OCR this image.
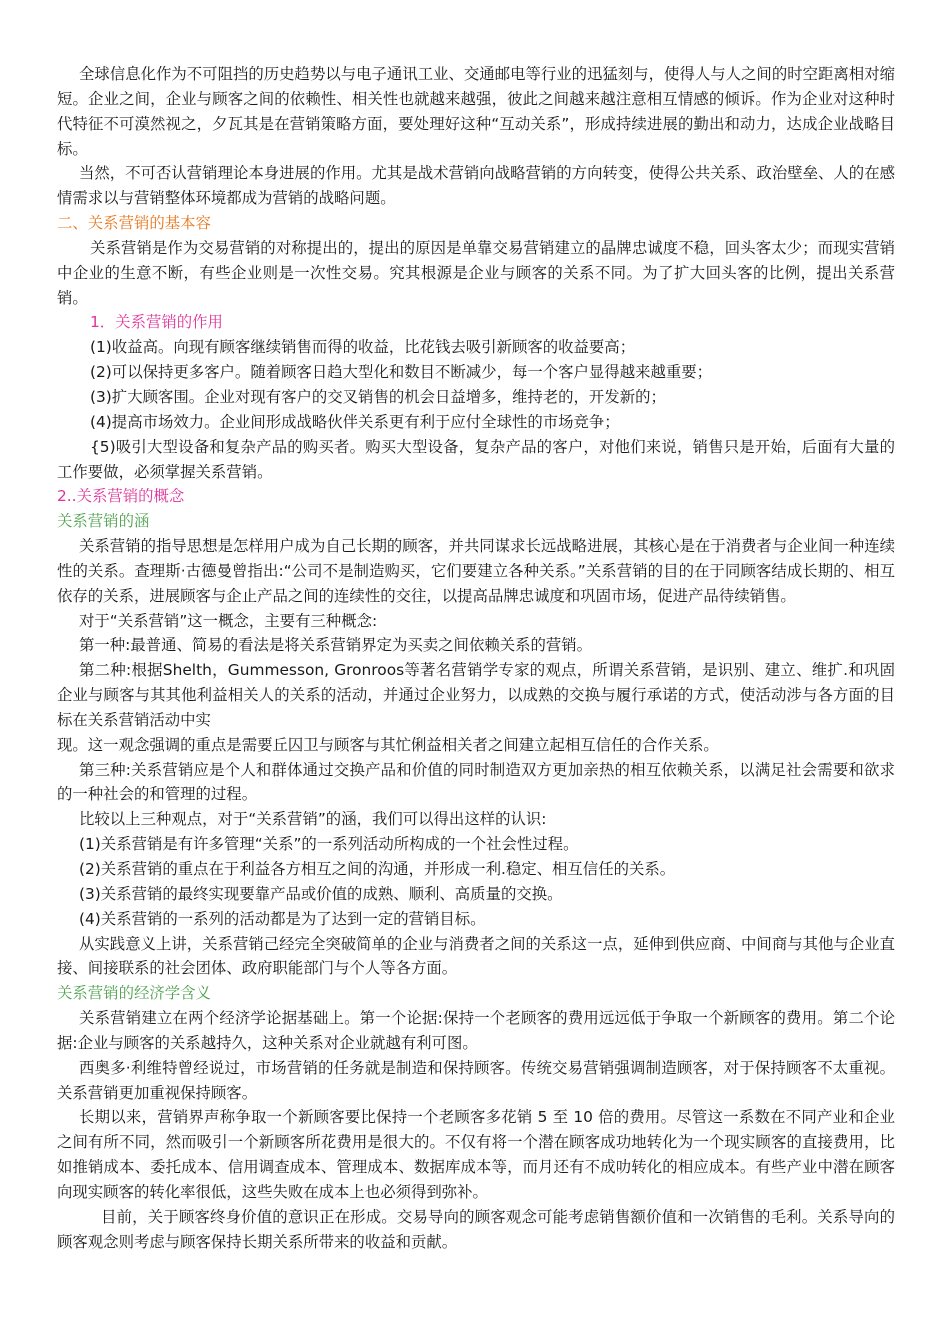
全球信息化作为不可阻挡的历史趋势以与电子通讯工业、交通邮电等行业的迅猛刻与，使得人与人之间的时空距离相对缩短。企业之间，企业与顾客之间的依赖性、相关性也就越来越强，彼此之间越来越注意相互情感的倾诉。作为企业对这种时代特征不可漠然视之，夕瓦其是在营销策略方面，要处理好这种“互动关系”，形成持续进展的勤出和动力，达成企业战略目标。

当然，不可否认营销理论本身进展的作用。尤其是战术营销向战略营销的方向转变，使得公共关系、政治壁垒、人的在感情需求以与营销整体环境都成为营销的战略问题。

二、关系营销的基本容

关系营销是作为交易营销的对称提出的，提出的原因是单靠交易营销建立的晶牌忠诚度不稳，回头客太少；而现实营销中企业的生意不断，有些企业则是一次性交易。究其根源是企业与顾客的关系不同。为了扩大回头客的比例，提出关系营销。

1．关系营销的作用

(1)收益高。向现有顾客继续销售而得的收益，比花钱去吸引新顾客的收益要高；

(2)可以保持更多客户。随着顾客日趋大型化和数目不断减少，每一个客户显得越来越重要；

(3)扩大顾客围。企业对现有客户的交叉销售的机会日益增多，维持老的，开发新的；

(4)提高市场效力。企业间形成战略伙伴关系更有利于应付全球性的市场竞争；

{5)吸引大型设备和复杂产品的购买者。购买大型设备，复杂产品的客户，对他们来说，销售只是开始，后面有大量的工作要做，必须掌握关系营销。

2..关系营销的概念

关系营销的涵

关系营销的指导思想是怎样用户成为自己长期的顾客，并共同谋求长远战略进展，其核心是在于消费者与企业间一种连续性的关系。查理斯·古德曼曾指出:“公司不是制造购买，它们要建立各种关系。”关系营销的目的在于同顾客结成长期的、相互依存的关系，进展顾客与企止产品之间的连续性的交往，以提高品牌忠诚度和巩固市场，促进产品待续销售。

对于“关系营销”这一概念，主要有三种概念:

第一种:最普通、简易的看法是将关系营销界定为买卖之间依赖关系的营销。

第二种:根据Shelth，Gummesson, Gronroos等著名营销学专家的观点，所谓关系营销，是识别、建立、维扩.和巩固企业与顾客与其其他利益相关人的关系的活动，并通过企业努力，以成熟的交换与履行承诺的方式，使活动涉与各方面的目标在关系营销活动中实

现。这一观念强调的重点是需要丘囚卫与顾客与其忙俐益相关者之间建立起相互信任的合作关系。

第三种:关系营销应是个人和群体通过交换产品和价值的同时制造双方更加亲热的相互依赖关系，以满足社会需要和欲求的一种社会的和管理的过程。

比较以上三种观点，对于“关系营销”的涵，我们可以得出这样的认识:

(1)关系营销是有许多管理“关系”的一系列活动所构成的一个社会性过程。

(2)关系营销的重点在于利益各方相互之间的沟通，并形成一利.稳定、相互信任的关系。

(3)关系营销的最终实现要靠产品或价值的成熟、顺利、高质量的交换。

(4)关系营销的一系列的活动都是为了达到一定的营销目标。

从实践意义上讲，关系营销己经完全突破简单的企业与消费者之间的关系这一点，延伸到供应商、中间商与其他与企业直接、间接联系的社会团体、政府职能部门与个人等各方面。

关系营销的经济学含义

关系营销建立在两个经济学论据基础上。第一个论据:保持一个老顾客的费用远远低于争取一个新顾客的费用。第二个论据:企业与顾客的关系越持久，这种关系对企业就越有利可图。

西奥多·利维特曾经说过，市场营销的任务就是制造和保持顾客。传统交易营销强调制造顾客，对于保持顾客不太重视。关系营销更加重视保持顾客。

长期以来，营销界声称争取一个新顾客要比保持一个老顾客多花销 5 至 10 倍的费用。尽管这一系数在不同产业和企业之间有所不同，然而吸引一个新顾客所花费用是很大的。不仅有将一个潜在顾客成功地转化为一个现实顾客的直接费用，比如推销成本、委托成本、信用调查成本、管理成本、数据库成本等，而月还有不成叻转化的相应成本。有些产业中潜在顾客向现实顾客的转化率很低，这些失败在成本上也必须得到弥补。

目前，关于顾客终身价值的意识正在形成。交易导向的顾客观念可能考虑销售额价值和一次销售的毛利。关系导向的顾客观念则考虑与顾客保持长期关系所带来的收益和贡献。
